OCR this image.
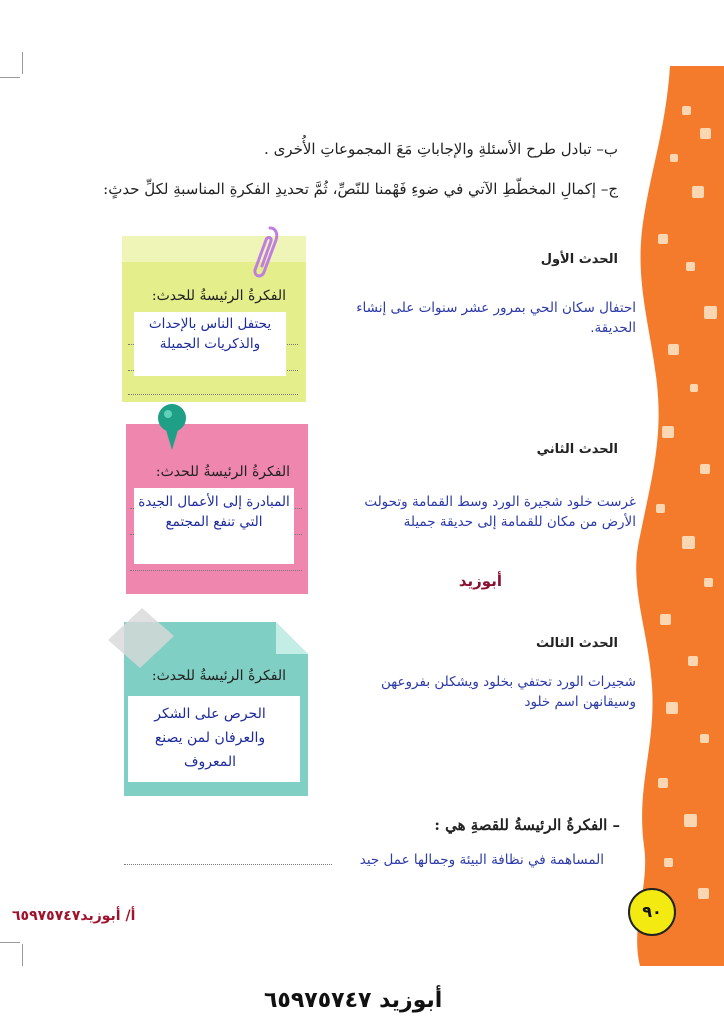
ب– تبادل طرح الأسئلةِ والإجاباتِ مَعَ المجموعاتِ الأُخرى .
ج– إكمالِ المخطّطِ الآتي في ضوءِ فَهْمنا للنّصِّ، ثُمَّ تحديدِ الفكرةِ المناسبةِ لكلِّ حدثٍ:
الحدث الأول
احتفال سكان الحي بمرور عشر سنوات على إنشاء الحديقة.
الفكرةُ الرئيسةُ للحدث:
يحتفل الناس بالإحداث والذكريات الجميلة
الحدث الثاني
غرست خلود شجيرة الورد وسط القمامة وتحولت الأرض من مكان للقمامة إلى حديقة جميلة
الفكرةُ الرئيسةُ للحدث:
المبادرة إلى الأعمال الجيدة التي تنفع المجتمع
أبوزيد
الحدث الثالث
شجيرات الورد تحتفي بخلود ويشكلن بفروعهن وسيقانهن اسم خلود
الفكرةُ الرئيسةُ للحدث:
الحرص على الشكر والعرفان لمن يصنع المعروف
– الفكرةُ الرئيسةُ للقصةِ هي :
المساهمة في نظافة البيئة وجمالها عمل جيد
٩٠
أ/ أبوزيد٦٥٩٧٥٧٤٧
أبوزيد ٦٥٩٧٥٧٤٧
